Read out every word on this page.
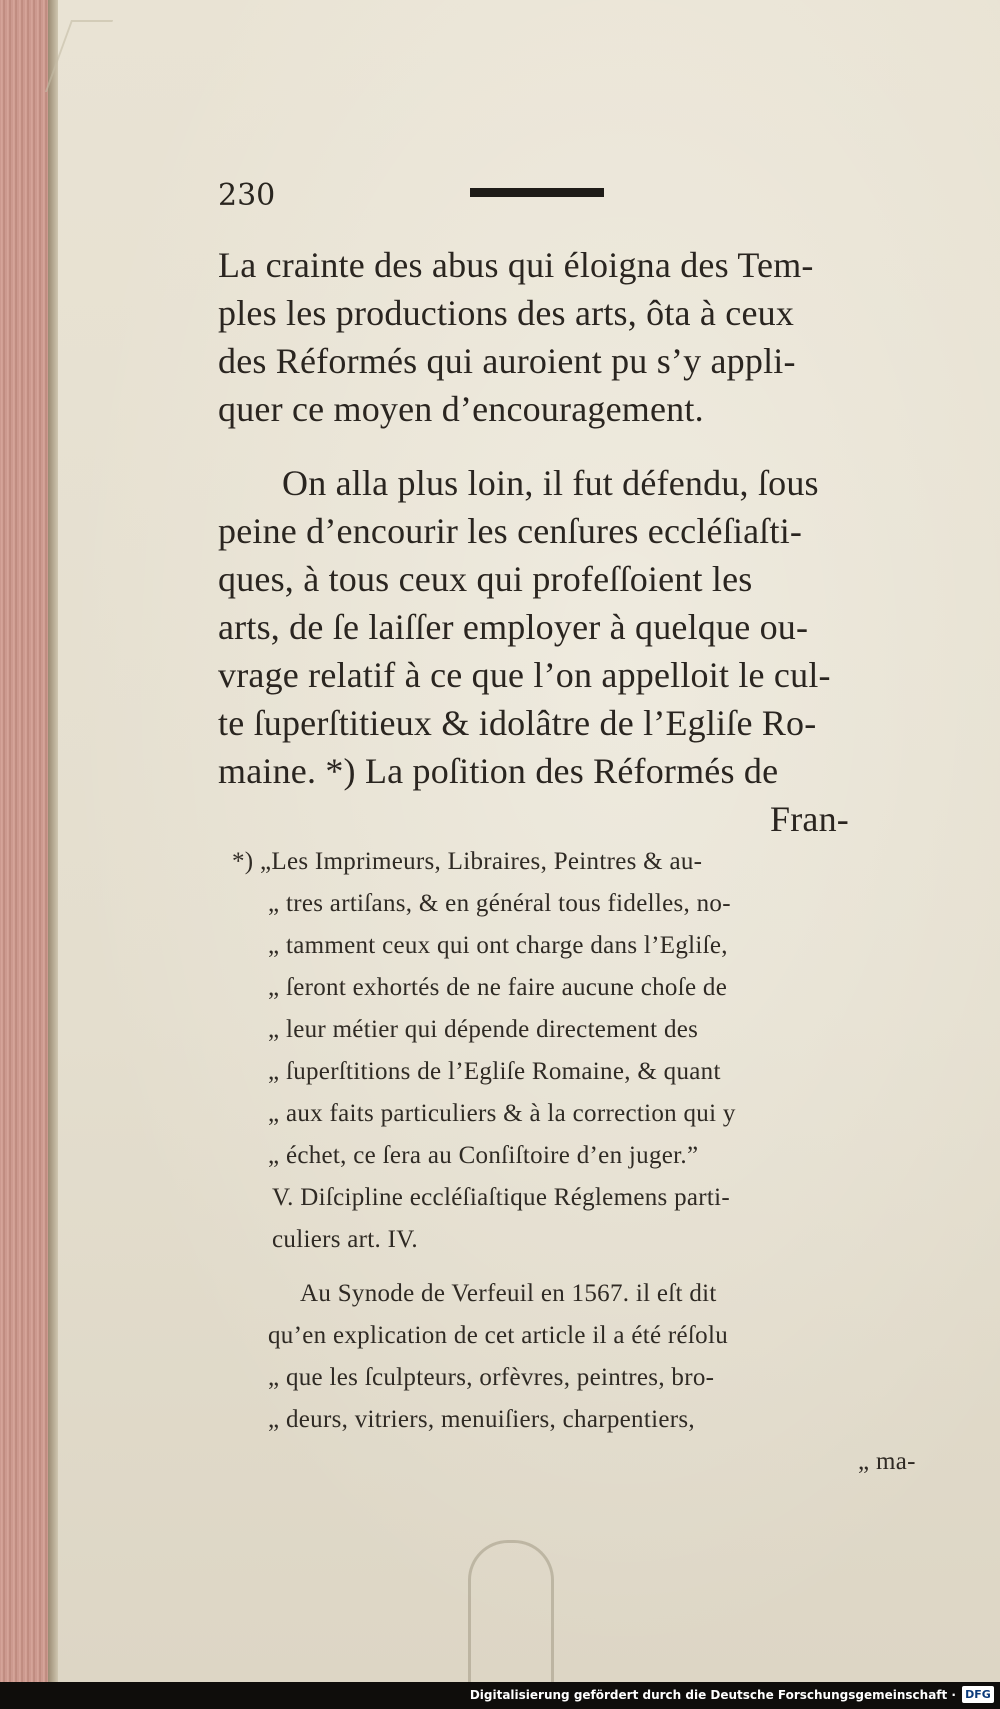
230
La crainte des abus qui éloigna des Tem-
ples les productions des arts, ôta à ceux
des Réformés qui auroient pu s’y appli-
quer ce moyen d’encouragement.
On alla plus loin, il fut défendu, ſous
peine d’encourir les cenſures eccléſiaſti-
ques, à tous ceux qui profeſſoient les
arts, de ſe laiſſer employer à quelque ou-
vrage relatif à ce que l’on appelloit le cul-
te ſuperſtitieux & idolâtre de l’Egliſe Ro-
maine. *) La poſition des Réformés de
Fran-
*) „Les Imprimeurs, Libraires, Peintres & au-
„ tres artiſans, & en général tous fidelles, no-
„ tamment ceux qui ont charge dans l’Egliſe,
„ ſeront exhortés de ne faire aucune choſe de
„ leur métier qui dépende directement des
„ ſuperſtitions de l’Egliſe Romaine, & quant
„ aux faits particuliers & à la correction qui y
„ échet, ce ſera au Conſiſtoire d’en juger.”
V. Diſcipline eccléſiaſtique Réglemens parti-
culiers art. IV.
Au Synode de Verfeuil en 1567. il eſt dit
qu’en explication de cet article il a été réſolu
„ que les ſculpteurs, orfèvres, peintres, bro-
„ deurs, vitriers, menuiſiers, charpentiers,
„ ma-
Digitalisierung gefördert durch die Deutsche Forschungsgemeinschaft · DFG
